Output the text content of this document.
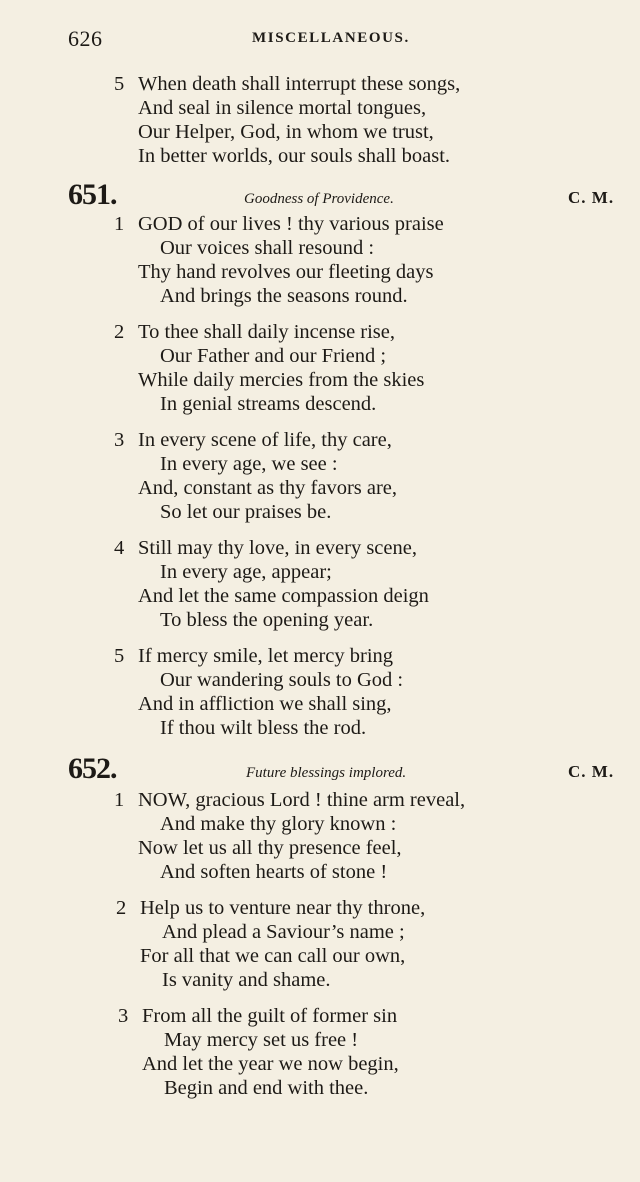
626	MISCELLANEOUS.
5 When death shall interrupt these songs,
And seal in silence mortal tongues,
Our Helper, God, in whom we trust,
In better worlds, our souls shall boast.
651.	Goodness of Providence.	C. M.
1 GOD of our lives ! thy various praise
Our voices shall resound :
Thy hand revolves our fleeting days
And brings the seasons round.
2 To thee shall daily incense rise,
Our Father and our Friend ;
While daily mercies from the skies
In genial streams descend.
3 In every scene of life, thy care,
In every age, we see :
And, constant as thy favors are,
So let our praises be.
4 Still may thy love, in every scene,
In every age, appear;
And let the same compassion deign
To bless the opening year.
5 If mercy smile, let mercy bring
Our wandering souls to God :
And in affliction we shall sing,
If thou wilt bless the rod.
652.	Future blessings implored.	C. M.
1 NOW, gracious Lord ! thine arm reveal,
And make thy glory known :
Now let us all thy presence feel,
And soften hearts of stone !
2 Help us to venture near thy throne,
And plead a Saviour’s name ;
For all that we can call our own,
Is vanity and shame.
3 From all the guilt of former sin
May mercy set us free !
And let the year we now begin,
Begin and end with thee.
